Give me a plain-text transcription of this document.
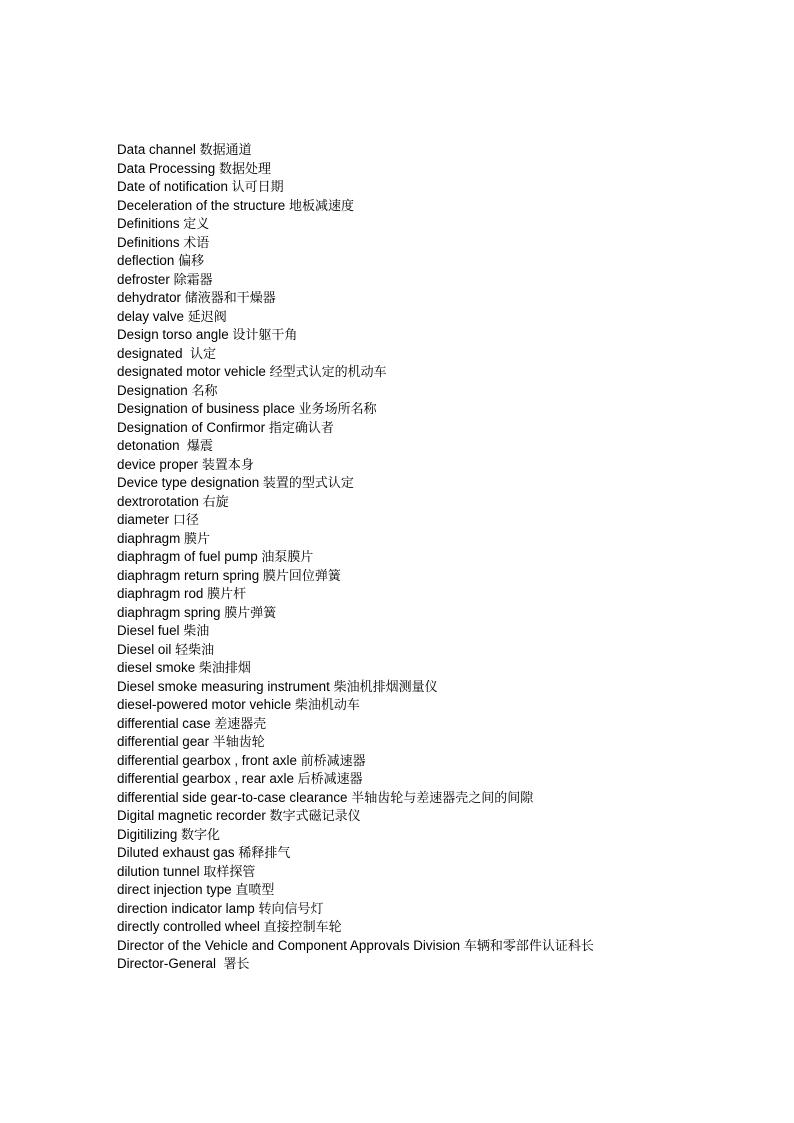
Data channel 数据通道
Data Processing 数据处理
Date of notification 认可日期
Deceleration of the structure 地板减速度
Definitions 定义
Definitions 术语
deflection 偏移
defroster 除霜器
dehydrator 储液器和干燥器
delay valve 延迟阀
Design torso angle 设计躯干角
designated 认定
designated motor vehicle 经型式认定的机动车
Designation 名称
Designation of business place 业务场所名称
Designation of Confirmor 指定确认者
detonation 爆震
device proper 装置本身
Device type designation 装置的型式认定
dextrorotation 右旋
diameter 口径
diaphragm 膜片
diaphragm of fuel pump 油泵膜片
diaphragm return spring 膜片回位弹簧
diaphragm rod 膜片杆
diaphragm spring 膜片弹簧
Diesel fuel 柴油
Diesel oil 轻柴油
diesel smoke 柴油排烟
Diesel smoke measuring instrument 柴油机排烟测量仪
diesel-powered motor vehicle 柴油机动车
differential case 差速器壳
differential gear 半轴齿轮
differential gearbox , front axle 前桥减速器
differential gearbox , rear axle 后桥减速器
differential side gear-to-case clearance 半轴齿轮与差速器壳之间的间隙
Digital magnetic recorder 数字式磁记录仪
Digitilizing 数字化
Diluted exhaust gas 稀释排气
dilution tunnel 取样探管
direct injection type 直喷型
direction indicator lamp 转向信号灯
directly controlled wheel 直接控制车轮
Director of the Vehicle and Component Approvals Division 车辆和零部件认证科长
Director-General 署长
